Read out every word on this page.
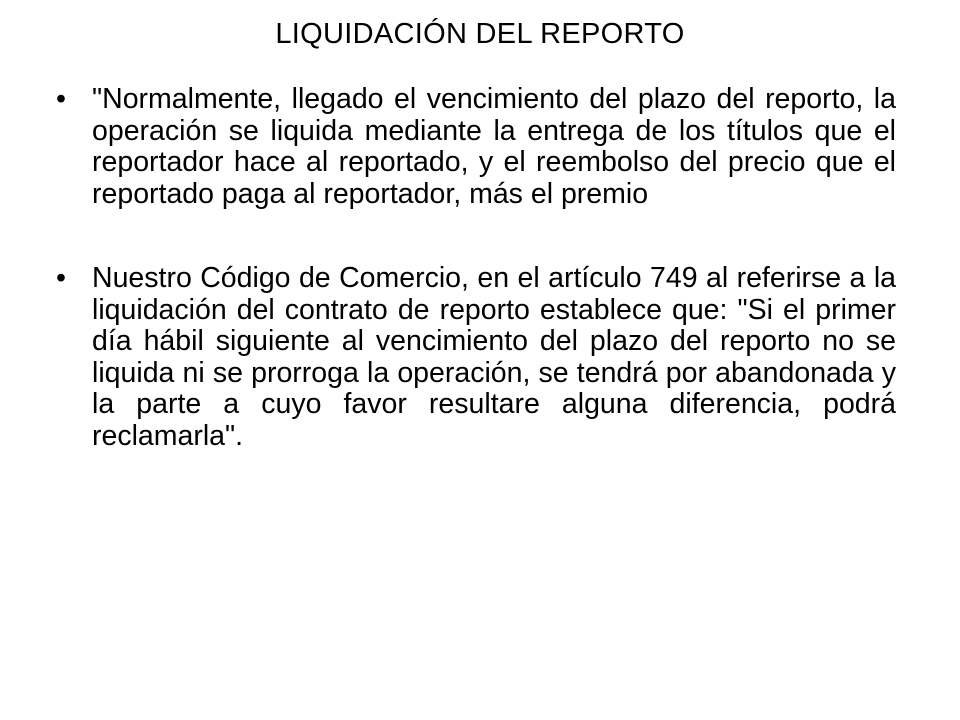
LIQUIDACIÓN DEL REPORTO
• "Normalmente, llegado el vencimiento del plazo del reporto, la operación se liquida mediante la entrega de los títulos que el reportador hace al reportado, y el reembolso del precio que el reportado paga al reportador, más el premio
• Nuestro Código de Comercio, en el artículo 749 al referirse a la liquidación del contrato de reporto establece que: "Si el primer día hábil siguiente al vencimiento del plazo del reporto no se liquida ni se prorroga la operación, se tendrá por abandonada y la parte a cuyo favor resultare alguna diferencia, podrá reclamarla".
